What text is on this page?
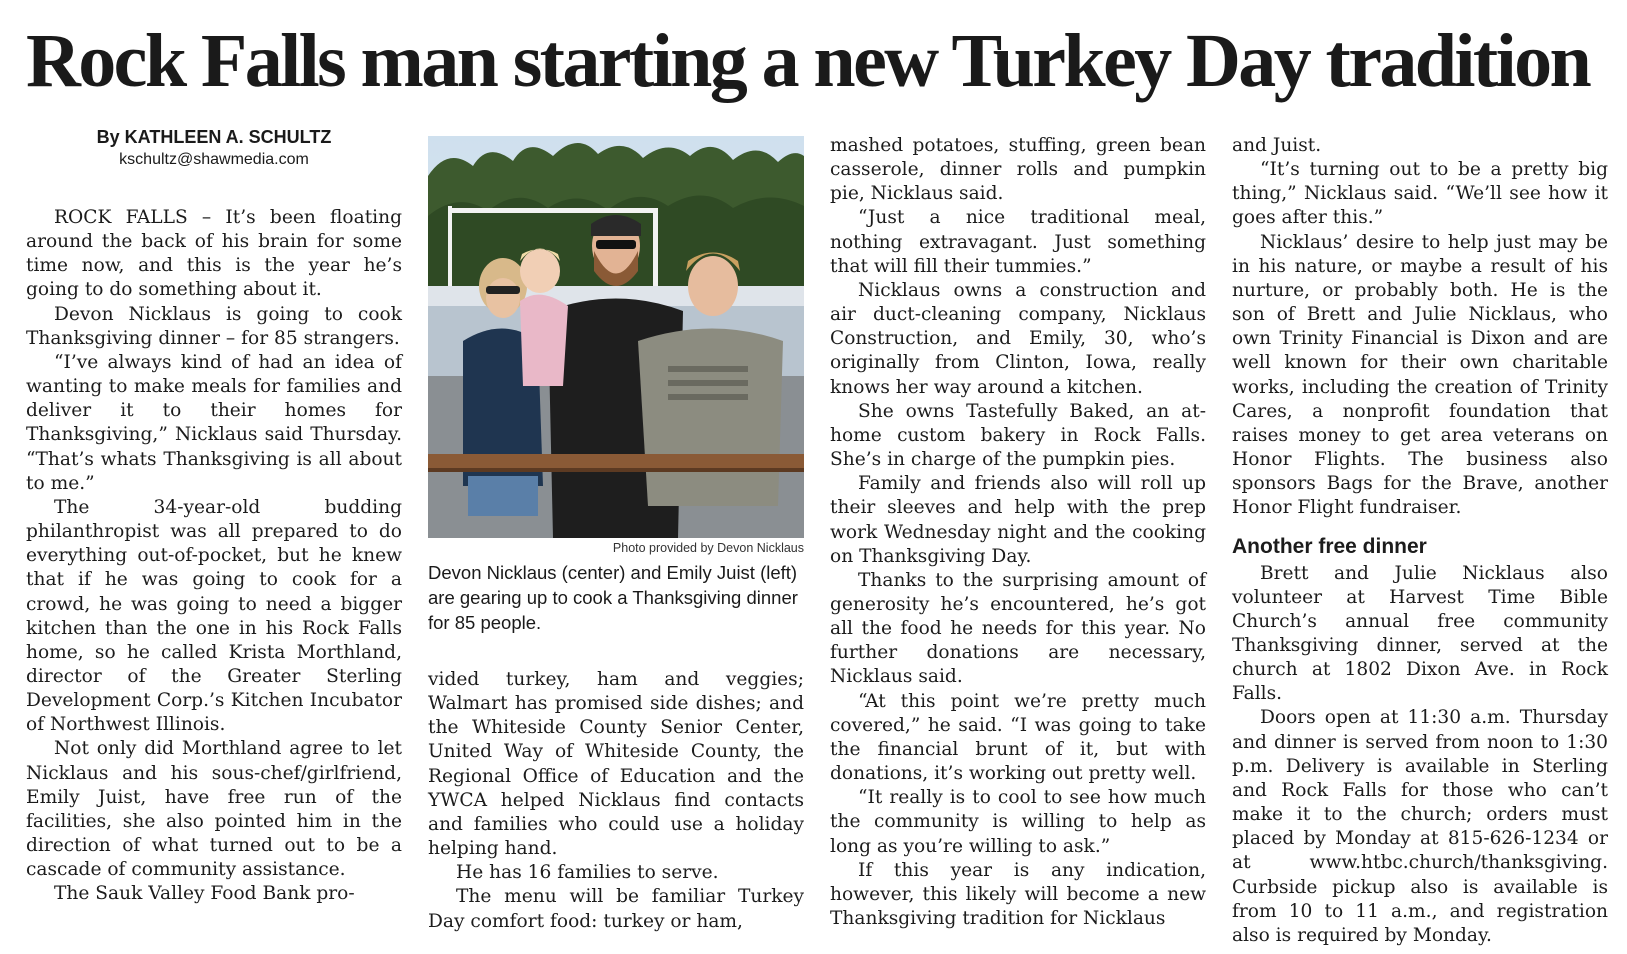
Rock Falls man starting a new Turkey Day tradition
By KATHLEEN A. SCHULTZ
kschultz@shawmedia.com

ROCK FALLS – It’s been floating around the back of his brain for some time now, and this is the year he’s going to do something about it.

Devon Nicklaus is going to cook Thanksgiving dinner – for 85 strangers.

“I’ve always kind of had an idea of wanting to make meals for families and deliver it to their homes for Thanksgiving,” Nicklaus said Thursday. “That’s whats Thanksgiving is all about to me.”

The 34-year-old budding philanthropist was all prepared to do everything out-of-pocket, but he knew that if he was going to cook for a crowd, he was going to need a bigger kitchen than the one in his Rock Falls home, so he called Krista Morthland, director of the Greater Sterling Development Corp.’s Kitchen Incubator of Northwest Illinois.

Not only did Morthland agree to let Nicklaus and his sous-chef/girlfriend, Emily Juist, have free run of the facilities, she also pointed him in the direction of what turned out to be a cascade of community assistance.

The Sauk Valley Food Bank pro-

Photo provided by Devon Nicklaus
Devon Nicklaus (center) and Emily Juist (left) are gearing up to cook a Thanksgiving dinner for 85 people.

vided turkey, ham and veggies; Walmart has promised side dishes; and the Whiteside County Senior Center, United Way of Whiteside County, the Regional Office of Education and the YWCA helped Nicklaus find contacts and families who could use a holiday helping hand.

He has 16 families to serve.

The menu will be familiar Turkey Day comfort food: turkey or ham,

mashed potatoes, stuffing, green bean casserole, dinner rolls and pumpkin pie, Nicklaus said.

“Just a nice traditional meal, nothing extravagant. Just something that will fill their tummies.”

Nicklaus owns a construction and air duct-cleaning company, Nicklaus Construction, and Emily, 30, who’s originally from Clinton, Iowa, really knows her way around a kitchen.

She owns Tastefully Baked, an at-home custom bakery in Rock Falls. She’s in charge of the pumpkin pies.

Family and friends also will roll up their sleeves and help with the prep work Wednesday night and the cooking on Thanksgiving Day.

Thanks to the surprising amount of generosity he’s encountered, he’s got all the food he needs for this year. No further donations are necessary, Nicklaus said.

“At this point we’re pretty much covered,” he said. “I was going to take the financial brunt of it, but with donations, it’s working out pretty well.

“It really is to cool to see how much the community is willing to help as long as you’re willing to ask.”

If this year is any indication, however, this likely will become a new Thanksgiving tradition for Nicklaus

and Juist.

“It’s turning out to be a pretty big thing,” Nicklaus said. “We’ll see how it goes after this.”

Nicklaus’ desire to help just may be in his nature, or maybe a result of his nurture, or probably both. He is the son of Brett and Julie Nicklaus, who own Trinity Financial is Dixon and are well known for their own charitable works, including the creation of Trinity Cares, a nonprofit foundation that raises money to get area veterans on Honor Flights. The business also sponsors Bags for the Brave, another Honor Flight fundraiser.

Another free dinner

Brett and Julie Nicklaus also volunteer at Harvest Time Bible Church’s annual free community Thanksgiving dinner, served at the church at 1802 Dixon Ave. in Rock Falls.

Doors open at 11:30 a.m. Thursday and dinner is served from noon to 1:30 p.m. Delivery is available in Sterling and Rock Falls for those who can’t make it to the church; orders must placed by Monday at 815-626-1234 or at www.htbc.church/thanksgiving. Curbside pickup also is available is from 10 to 11 a.m., and registration also is required by Monday.
